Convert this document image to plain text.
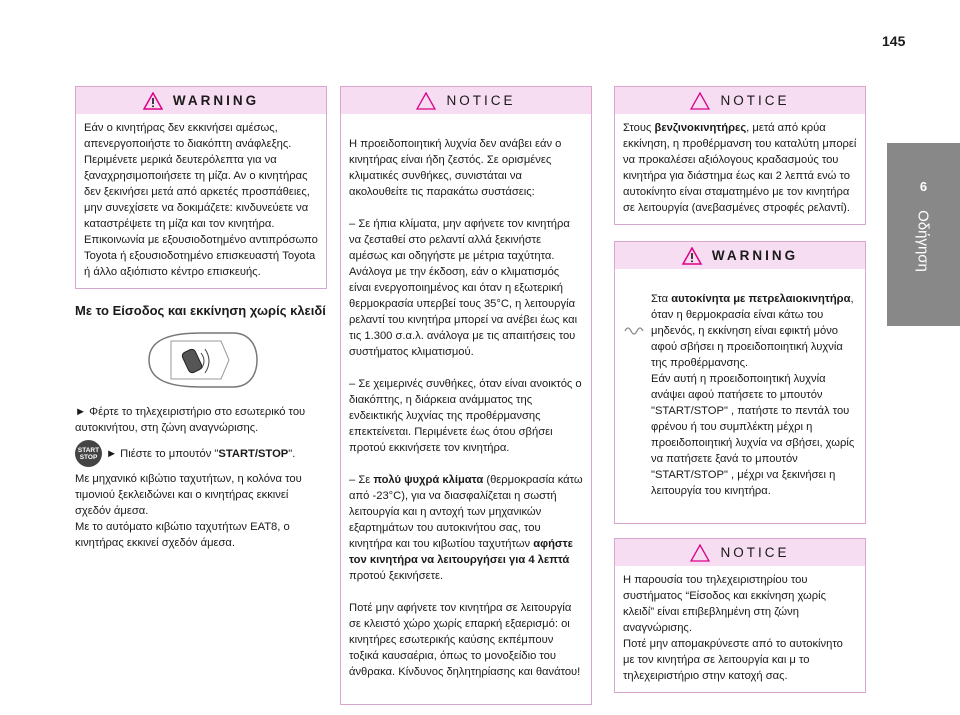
145
6
Οδήγηση
WARNING
Εάν ο κινητήρας δεν εκκινήσει αμέσως, απενεργοποιήστε το διακόπτη ανάφλεξης. Περιμένετε μερικά δευτερόλεπτα για να ξαναχρησιμοποιήσετε τη μίζα. Αν ο κινητήρας δεν ξεκινήσει μετά από αρκετές προσπάθειες, μην συνεχίσετε να δοκιμάζετε: κινδυνεύετε να καταστρέψετε τη μίζα και τον κινητήρα. Επικοινωνία με εξουσιοδοτημένο αντιπρόσωπο Toyota ή εξουσιοδοτημένο επισκευαστή Toyota ή άλλο αξιόπιστο κέντρο επισκευής.
Με το Είσοδος και εκκίνηση χωρίς κλειδί
► Φέρτε το τηλεχειριστήριο στο εσωτερικό του αυτοκινήτου, στη ζώνη αναγνώρισης.
START
STOP ► Πιέστε το μπουτόν "START/STOP".
Με μηχανικό κιβώτιο ταχυτήτων, η κολόνα του τιμονιού ξεκλειδώνει και ο κινητήρας εκκινεί σχεδόν άμεσα.
Με το αυτόματο κιβώτιο ταχυτήτων EAT8, ο κινητήρας εκκινεί σχεδόν άμεσα.
NOTICE

Η προειδοποιητική λυχνία δεν ανάβει εάν ο κινητήρας είναι ήδη ζεστός. Σε ορισμένες κλιματικές συνθήκες, συνιστάται να ακολουθείτε τις παρακάτω συστάσεις:

– Σε ήπια κλίματα, μην αφήνετε τον κινητήρα να ζεσταθεί στο ρελαντί αλλά ξεκινήστε αμέσως και οδηγήστε με μέτρια ταχύτητα. Ανάλογα με την έκδοση, εάν ο κλιματισμός είναι ενεργοποιημένος και όταν η εξωτερική θερμοκρασία υπερβεί τους 35°C, η λειτουργία ρελαντί του κινητήρα μπορεί να ανέβει έως και τις 1.300 σ.α.λ. ανάλογα με τις απαιτήσεις του συστήματος κλιματισμού.

– Σε χειμερινές συνθήκες, όταν είναι ανοικτός ο διακόπτης, η διάρκεια ανάμματος της ενδεικτικής λυχνίας της προθέρμανσης επεκτείνεται. Περιμένετε έως ότου σβήσει προτού εκκινήσετε τον κινητήρα.

– Σε πολύ ψυχρά κλίματα (θερμοκρασία κάτω από -23°C), για να διασφαλίζεται η σωστή λειτουργία και η αντοχή των μηχανικών εξαρτημάτων του αυτοκινήτου σας, του κινητήρα και του κιβωτίου ταχυτήτων αφήστε τον κινητήρα να λειτουργήσει για 4 λεπτά προτού ξεκινήσετε.

Ποτέ μην αφήνετε τον κινητήρα σε λειτουργία σε κλειστό χώρο χωρίς επαρκή εξαερισμό: οι κινητήρες εσωτερικής καύσης εκπέμπουν τοξικά καυσαέρια, όπως το μονοξείδιο του άνθρακα. Κίνδυνος δηλητηρίασης και θανάτου!

NOTICE
Στους βενζινοκινητήρες, μετά από κρύα εκκίνηση, η προθέρμανση του καταλύτη μπορεί να προκαλέσει αξιόλογους κραδασμούς του κινητήρα για διάστημα έως και 2 λεπτά ενώ το αυτοκίνητο είναι σταματημένο με τον κινητήρα σε λειτουργία (ανεβασμένες στροφές ρελαντί).
WARNING

Στα αυτοκίνητα με πετρελαιοκινητήρα, όταν η θερμοκρασία είναι κάτω του μηδενός, η εκκίνηση είναι εφικτή μόνο αφού σβήσει η προειδοποιητική λυχνία της προθέρμανσης.
Εάν αυτή η προειδοποιητική λυχνία ανάψει αφού πατήσετε το μπουτόν "START/STOP" , πατήστε το πεντάλ του φρένου ή του συμπλέκτη μέχρι η προειδοποιητική λυχνία να σβήσει, χωρίς να πατήσετε ξανά το μπουτόν "START/STOP" , μέχρι να ξεκινήσει η λειτουργία του κινητήρα.

NOTICE
Η παρουσία του τηλεχειριστηρίου του συστήματος “Είσοδος και εκκίνηση χωρίς κλειδί” είναι επιβεβλημένη στη ζώνη αναγνώρισης.
Ποτέ μην απομακρύνεστε από το αυτοκίνητο με τον κινητήρα σε λειτουργία και μ το τηλεχειριστήριο στην κατοχή σας.
